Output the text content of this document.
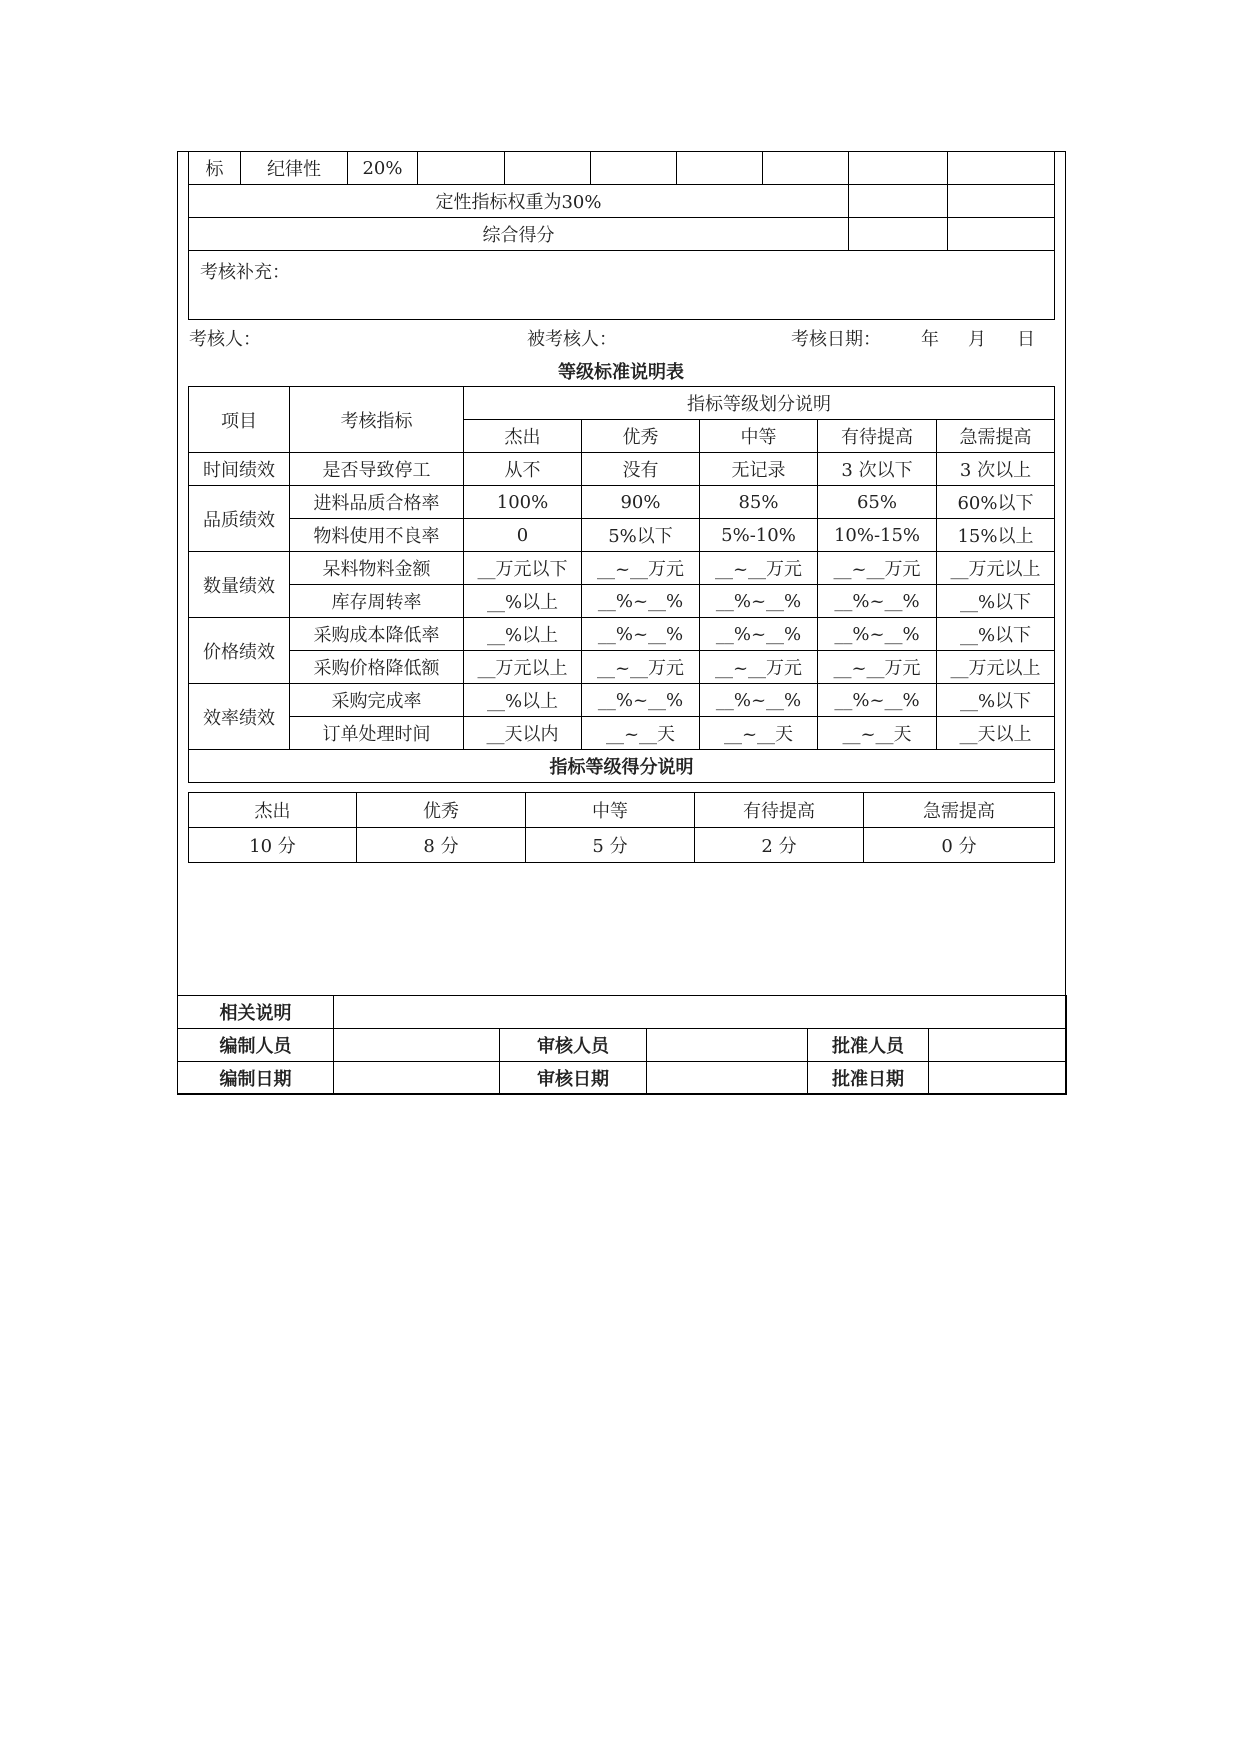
标	纪律性	20%							
定性指标权重为30%									
综合得分									
考核补充：									
考核人：	被考核人：	考核日期： 年 月 日
等级标准说明表
项目	考核指标	指标等级划分说明				
		杰出	优秀	中等	有待提高	急需提高
时间绩效	是否导致停工	从不	没有	无记录	3 次以下	3 次以上
品质绩效	进料品质合格率	100%	90%	85%	65%	60%以下
	物料使用不良率	0	5%以下	5%-10%	10%-15%	15%以上
数量绩效	呆料物料金额	__万元以下	__~__万元	__~__万元	__~__万元	__万元以上
	库存周转率	__%以上	__%~__%	__%~__%	__%~__%	__%以下
价格绩效	采购成本降低率	__%以上	__%~__%	__%~__%	__%~__%	__%以下
	采购价格降低额	__万元以上	__~__万元	__~__万元	__~__万元	__万元以上
效率绩效	采购完成率	__%以上	__%~__%	__%~__%	__%~__%	__%以下
	订单处理时间	__天以内	__~__天	__~__天	__~__天	__天以上
指标等级得分说明						
杰出	优秀	中等	有待提高	急需提高
10 分	8 分	5 分	2 分	0 分
相关说明					
编制人员		审核人员		批准人员	
编制日期		审核日期		批准日期	
